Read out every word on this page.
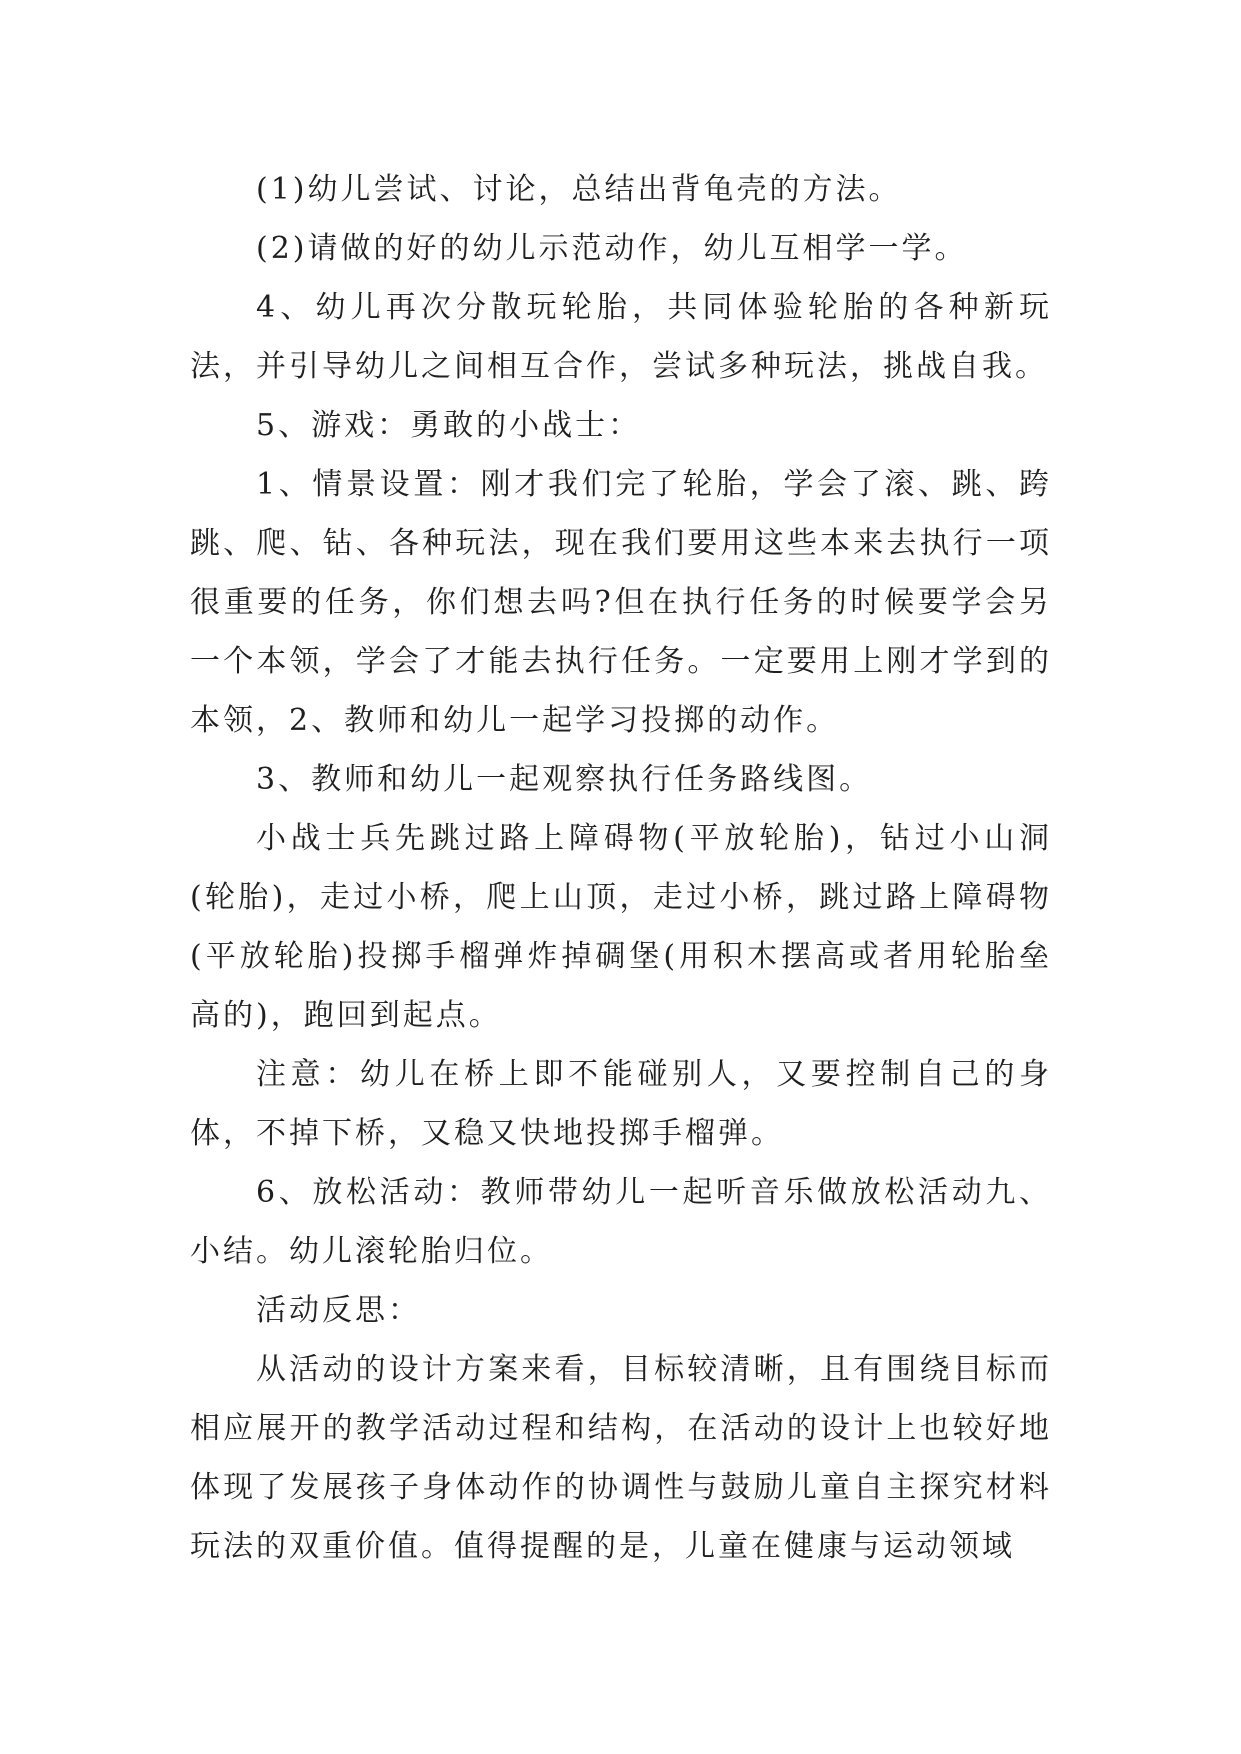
(1)幼儿尝试、讨论，总结出背龟壳的方法。

(2)请做的好的幼儿示范动作，幼儿互相学一学。

4、幼儿再次分散玩轮胎，共同体验轮胎的各种新玩法，并引导幼儿之间相互合作，尝试多种玩法，挑战自我。

5、游戏：勇敢的小战士：

1、情景设置：刚才我们完了轮胎，学会了滚、跳、跨跳、爬、钻、各种玩法，现在我们要用这些本来去执行一项很重要的任务，你们想去吗?但在执行任务的时候要学会另一个本领，学会了才能去执行任务。一定要用上刚才学到的本领，2、教师和幼儿一起学习投掷的动作。

3、教师和幼儿一起观察执行任务路线图。

小战士兵先跳过路上障碍物(平放轮胎)，钻过小山洞(轮胎)，走过小桥，爬上山顶，走过小桥，跳过路上障碍物(平放轮胎)投掷手榴弹炸掉碉堡(用积木摆高或者用轮胎垒高的)，跑回到起点。

注意：幼儿在桥上即不能碰别人，又要控制自己的身体，不掉下桥，又稳又快地投掷手榴弹。

6、放松活动：教师带幼儿一起听音乐做放松活动九、小结。幼儿滚轮胎归位。

活动反思：

从活动的设计方案来看，目标较清晰，且有围绕目标而相应展开的教学活动过程和结构，在活动的设计上也较好地体现了发展孩子身体动作的协调性与鼓励儿童自主探究材料玩法的双重价值。值得提醒的是，儿童在健康与运动领域
